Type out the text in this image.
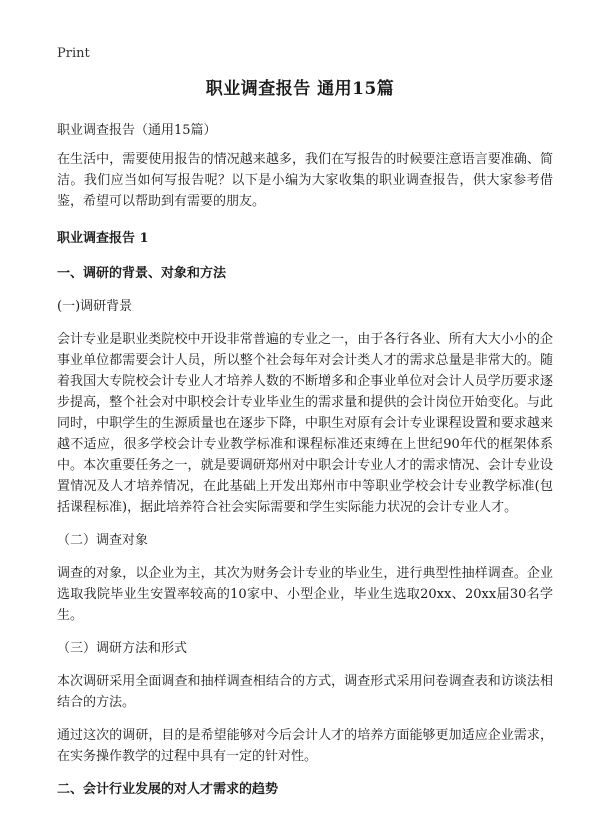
Print
职业调查报告 通用15篇

职业调查报告（通用15篇）

在生活中，需要使用报告的情况越来越多，我们在写报告的时候要注意语言要准确、简洁。我们应当如何写报告呢？以下是小编为大家收集的职业调查报告，供大家参考借鉴，希望可以帮助到有需要的朋友。

职业调查报告 1

一、调研的背景、对象和方法

(一)调研背景

会计专业是职业类院校中开设非常普遍的专业之一，由于各行各业、所有大大小小的企事业单位都需要会计人员，所以整个社会每年对会计类人才的需求总量是非常大的。随着我国大专院校会计专业人才培养人数的不断增多和企事业单位对会计人员学历要求逐步提高，整个社会对中职校会计专业毕业生的需求量和提供的会计岗位开始变化。与此同时，中职学生的生源质量也在逐步下降，中职生对原有会计专业课程设置和要求越来越不适应，很多学校会计专业教学标准和课程标准还束缚在上世纪90年代的框架体系中。本次重要任务之一，就是要调研郑州对中职会计专业人才的需求情况、会计专业设置情况及人才培养情况，在此基础上开发出郑州市中等职业学校会计专业教学标准(包括课程标准)，据此培养符合社会实际需要和学生实际能力状况的会计专业人才。

（二）调查对象

调查的对象，以企业为主，其次为财务会计专业的毕业生，进行典型性抽样调查。企业选取我院毕业生安置率较高的10家中、小型企业，毕业生选取20xx、20xx届30名学生。

（三）调研方法和形式

本次调研采用全面调查和抽样调查相结合的方式，调查形式采用问卷调查表和访谈法相结合的方法。

通过这次的调研，目的是希望能够对今后会计人才的培养方面能够更加适应企业需求，在实务操作教学的过程中具有一定的针对性。

二、会计行业发展的对人才需求的趋势
